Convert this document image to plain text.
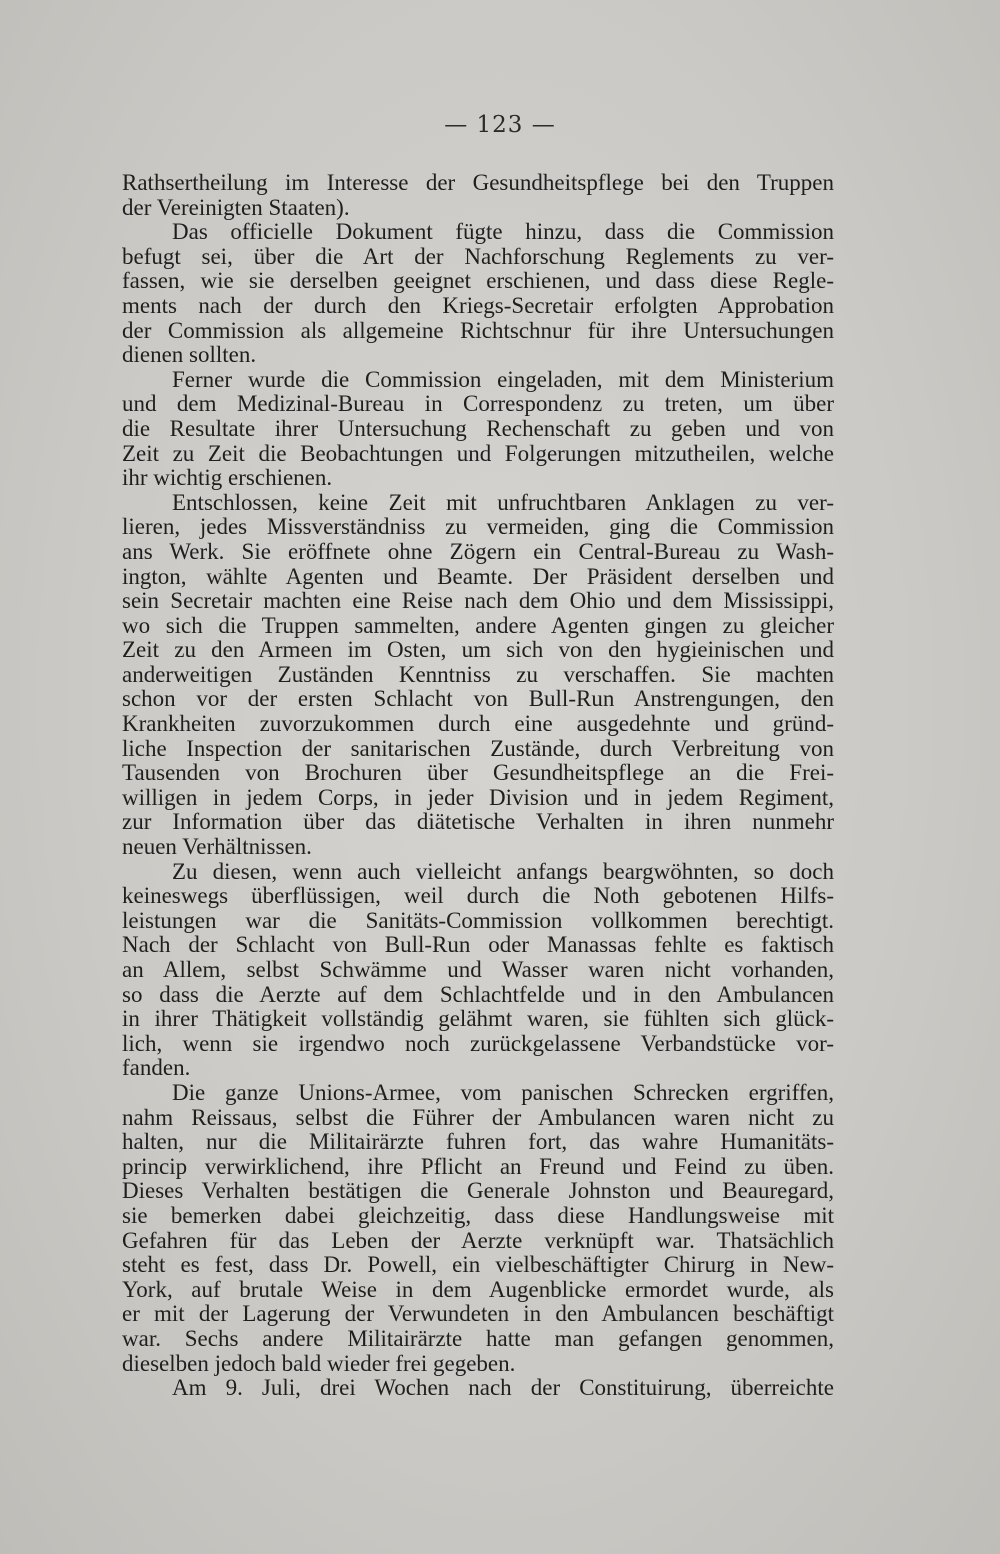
— 123 —
Rathsertheilung im Interesse der Gesundheitspflege bei den Truppen
der Vereinigten Staaten).
Das officielle Dokument fügte hinzu, dass die Commission
befugt sei, über die Art der Nachforschung Reglements zu ver-
fassen, wie sie derselben geeignet erschienen, und dass diese Regle-
ments nach der durch den Kriegs-Secretair erfolgten Approbation
der Commission als allgemeine Richtschnur für ihre Untersuchungen
dienen sollten.
Ferner wurde die Commission eingeladen, mit dem Ministerium
und dem Medizinal-Bureau in Correspondenz zu treten, um über
die Resultate ihrer Untersuchung Rechenschaft zu geben und von
Zeit zu Zeit die Beobachtungen und Folgerungen mitzutheilen, welche
ihr wichtig erschienen.
Entschlossen, keine Zeit mit unfruchtbaren Anklagen zu ver-
lieren, jedes Missverständniss zu vermeiden, ging die Commission
ans Werk. Sie eröffnete ohne Zögern ein Central-Bureau zu Wash-
ington, wählte Agenten und Beamte. Der Präsident derselben und
sein Secretair machten eine Reise nach dem Ohio und dem Mississippi,
wo sich die Truppen sammelten, andere Agenten gingen zu gleicher
Zeit zu den Armeen im Osten, um sich von den hygieinischen und
anderweitigen Zuständen Kenntniss zu verschaffen. Sie machten
schon vor der ersten Schlacht von Bull-Run Anstrengungen, den
Krankheiten zuvorzukommen durch eine ausgedehnte und gründ-
liche Inspection der sanitarischen Zustände, durch Verbreitung von
Tausenden von Brochuren über Gesundheitspflege an die Frei-
willigen in jedem Corps, in jeder Division und in jedem Regiment,
zur Information über das diätetische Verhalten in ihren nunmehr
neuen Verhältnissen.
Zu diesen, wenn auch vielleicht anfangs beargwöhnten, so doch
keineswegs überflüssigen, weil durch die Noth gebotenen Hilfs-
leistungen war die Sanitäts-Commission vollkommen berechtigt.
Nach der Schlacht von Bull-Run oder Manassas fehlte es faktisch
an Allem, selbst Schwämme und Wasser waren nicht vorhanden,
so dass die Aerzte auf dem Schlachtfelde und in den Ambulancen
in ihrer Thätigkeit vollständig gelähmt waren, sie fühlten sich glück-
lich, wenn sie irgendwo noch zurückgelassene Verbandstücke vor-
fanden.
Die ganze Unions-Armee, vom panischen Schrecken ergriffen,
nahm Reissaus, selbst die Führer der Ambulancen waren nicht zu
halten, nur die Militairärzte fuhren fort, das wahre Humanitäts-
princip verwirklichend, ihre Pflicht an Freund und Feind zu üben.
Dieses Verhalten bestätigen die Generale Johnston und Beauregard,
sie bemerken dabei gleichzeitig, dass diese Handlungsweise mit
Gefahren für das Leben der Aerzte verknüpft war. Thatsächlich
steht es fest, dass Dr. Powell, ein vielbeschäftigter Chirurg in New-
York, auf brutale Weise in dem Augenblicke ermordet wurde, als
er mit der Lagerung der Verwundeten in den Ambulancen beschäftigt
war. Sechs andere Militairärzte hatte man gefangen genommen,
dieselben jedoch bald wieder frei gegeben.
Am 9. Juli, drei Wochen nach der Constituirung, überreichte
